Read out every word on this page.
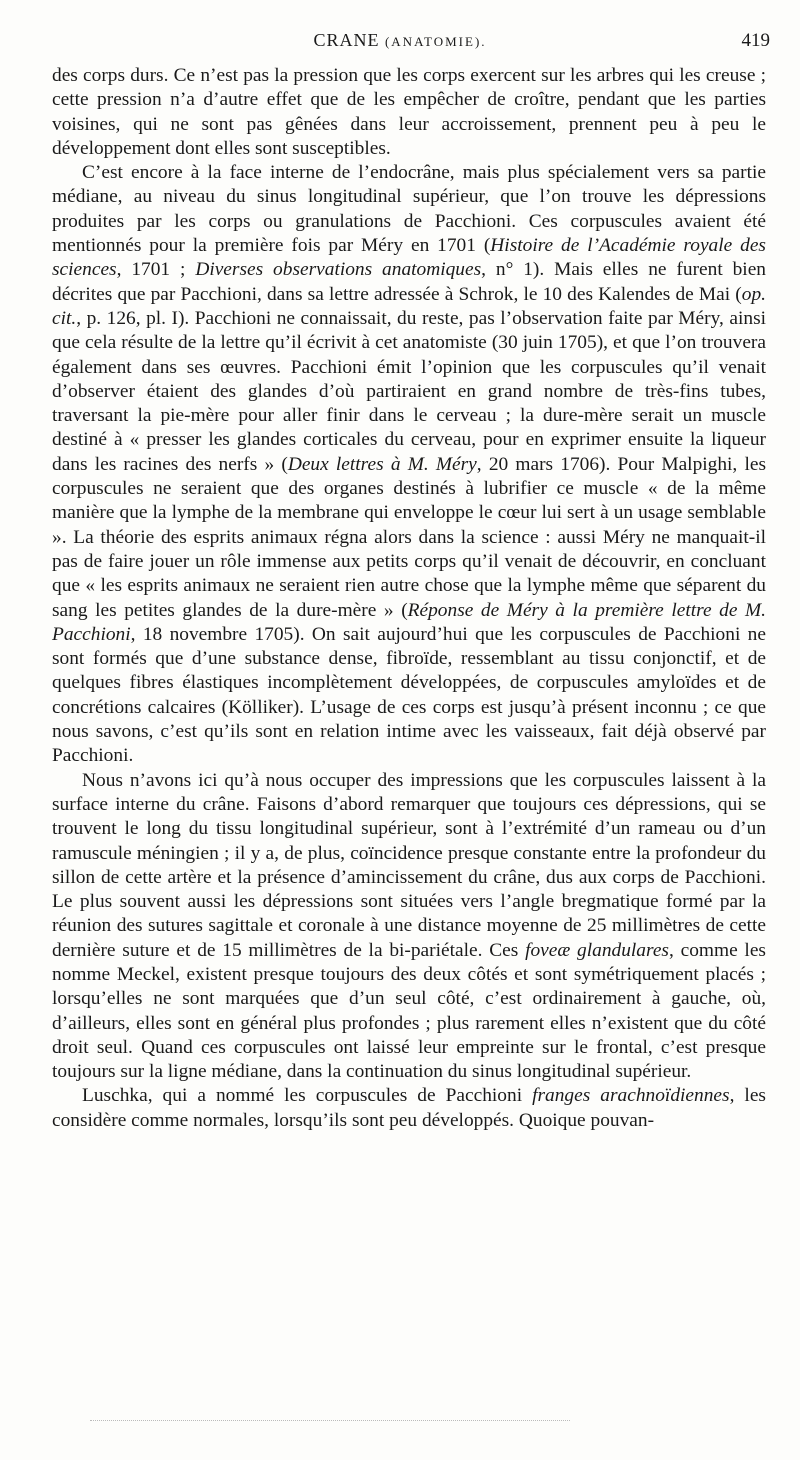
CRANE (ANATOMIE).	419

des corps durs. Ce n’est pas la pression que les corps exercent sur les arbres qui les creuse ; cette pression n’a d’autre effet que de les empêcher de croître, pendant que les parties voisines, qui ne sont pas gênées dans leur accroissement, prennent peu à peu le développement dont elles sont susceptibles.

C’est encore à la face interne de l’endocrâne, mais plus spécialement vers sa partie médiane, au niveau du sinus longitudinal supérieur, que l’on trouve les dépressions produites par les corps ou granulations de Pacchioni. Ces corpuscules avaient été mentionnés pour la première fois par Méry en 1701 (Histoire de l’Académie royale des sciences, 1701 ; Diverses observations anatomiques, n° 1). Mais elles ne furent bien décrites que par Pacchioni, dans sa lettre adressée à Schrok, le 10 des Kalendes de Mai (op. cit., p. 126, pl. I). Pacchioni ne connaissait, du reste, pas l’observation faite par Méry, ainsi que cela résulte de la lettre qu’il écrivit à cet anatomiste (30 juin 1705), et que l’on trouvera également dans ses œuvres. Pacchioni émit l’opinion que les corpuscules qu’il venait d’observer étaient des glandes d’où partiraient en grand nombre de très-fins tubes, traversant la pie-mère pour aller finir dans le cerveau ; la dure-mère serait un muscle destiné à « presser les glandes corticales du cerveau, pour en exprimer ensuite la liqueur dans les racines des nerfs » (Deux lettres à M. Méry, 20 mars 1706). Pour Malpighi, les corpuscules ne seraient que des organes destinés à lubrifier ce muscle « de la même manière que la lymphe de la membrane qui enveloppe le cœur lui sert à un usage semblable ». La théorie des esprits animaux régna alors dans la science : aussi Méry ne manquait-il pas de faire jouer un rôle immense aux petits corps qu’il venait de découvrir, en concluant que « les esprits animaux ne seraient rien autre chose que la lymphe même que séparent du sang les petites glandes de la dure-mère » (Réponse de Méry à la première lettre de M. Pacchioni, 18 novembre 1705). On sait aujourd’hui que les corpuscules de Pacchioni ne sont formés que d’une substance dense, fibroïde, ressemblant au tissu conjonctif, et de quelques fibres élastiques incomplètement développées, de corpuscules amyloïdes et de concrétions calcaires (Kölliker). L’usage de ces corps est jusqu’à présent inconnu ; ce que nous savons, c’est qu’ils sont en relation intime avec les vaisseaux, fait déjà observé par Pacchioni.

Nous n’avons ici qu’à nous occuper des impressions que les corpuscules laissent à la surface interne du crâne. Faisons d’abord remarquer que toujours ces dépressions, qui se trouvent le long du tissu longitudinal supérieur, sont à l’extrémité d’un rameau ou d’un ramuscule méningien ; il y a, de plus, coïncidence presque constante entre la profondeur du sillon de cette artère et la présence d’amincissement du crâne, dus aux corps de Pacchioni. Le plus souvent aussi les dépressions sont situées vers l’angle bregmatique formé par la réunion des sutures sagittale et coronale à une distance moyenne de 25 millimètres de cette dernière suture et de 15 millimètres de la bi-pariétale. Ces foveæ glandulares, comme les nomme Meckel, existent presque toujours des deux côtés et sont symétriquement placés ; lorsqu’elles ne sont marquées que d’un seul côté, c’est ordinairement à gauche, où, d’ailleurs, elles sont en général plus profondes ; plus rarement elles n’existent que du côté droit seul. Quand ces corpuscules ont laissé leur empreinte sur le frontal, c’est presque toujours sur la ligne médiane, dans la continuation du sinus longitudinal supérieur.

Luschka, qui a nommé les corpuscules de Pacchioni franges arachnoïdiennes, les considère comme normales, lorsqu’ils sont peu développés. Quoique pouvan-
